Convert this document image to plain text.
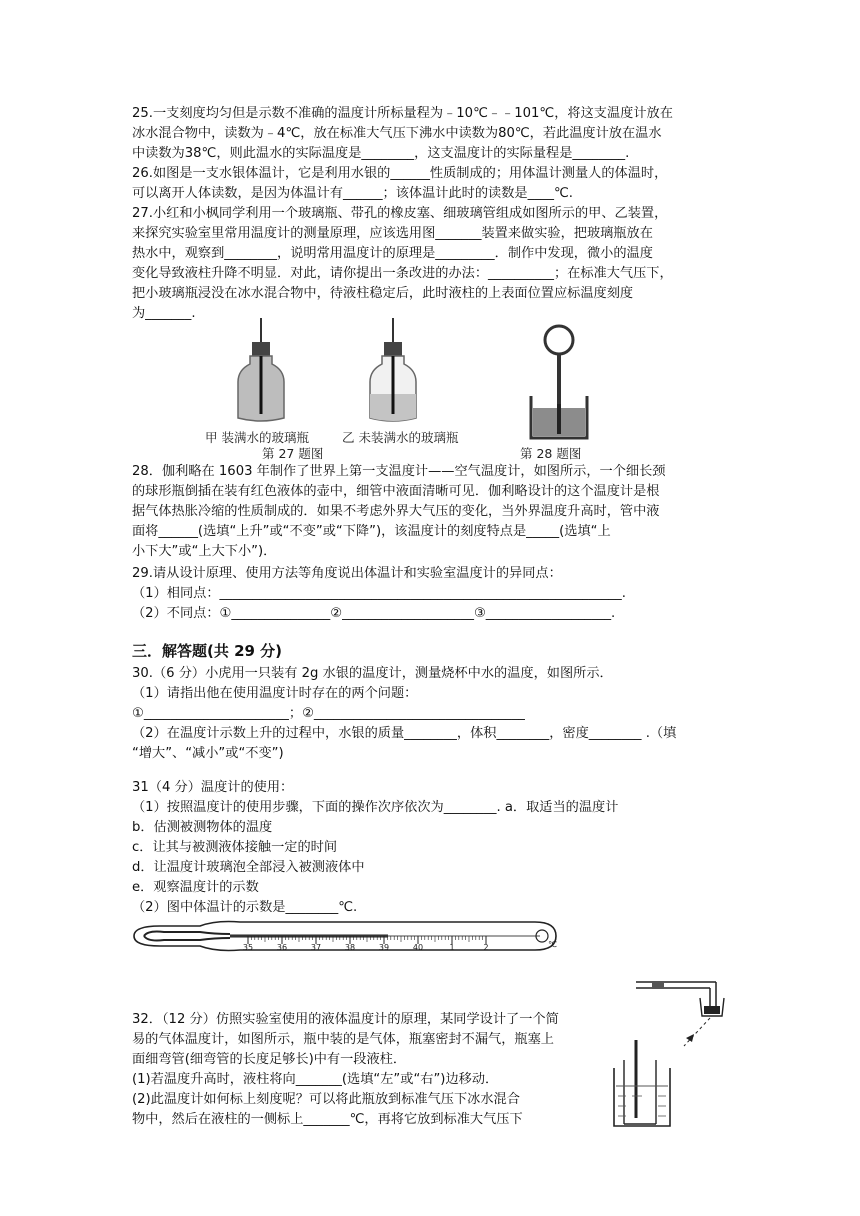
25.一支刻度均匀但是示数不准确的温度计所标量程为﹣10℃﹣﹣101℃，将这支温度计放在
冰水混合物中，读数为﹣4℃，放在标准大气压下沸水中读数为80℃，若此温度计放在温水
中读数为38℃，则此温水的实际温度是________，这支温度计的实际量程是________.
26.如图是一支水银体温计，它是利用水银的______性质制成的；用体温计测量人的体温时，
可以离开人体读数，是因为体温计有______；该体温计此时的读数是____℃.
27.小红和小枫同学利用一个玻璃瓶、带孔的橡皮塞、细玻璃管组成如图所示的甲、乙装置，
来探究实验室里常用温度计的测量原理，应该选用图_______装置来做实验，把玻璃瓶放在
热水中，观察到________，说明常用温度计的原理是_________．制作中发现，微小的温度
变化导致液柱升降不明显．对此，请你提出一条改进的办法：__________；在标准大气压下，
把小玻璃瓶浸没在冰水混合物中，待液柱稳定后，此时液柱的上表面位置应标温度刻度
为_______.
甲 装满水的玻璃瓶	乙 未装满水的玻璃瓶
第 27 题图	第 28 题图
28．伽利略在 1603 年制作了世界上第一支温度计——空气温度计，如图所示，一个细长颈
的球形瓶倒插在装有红色液体的壶中，细管中液面清晰可见．伽利略设计的这个温度计是根
据气体热胀冷缩的性质制成的．如果不考虑外界大气压的变化，当外界温度升高时，管中液
面将______(选填“上升”或“不变”或“下降”)，该温度计的刻度特点是_____(选填“上
小下大”或“上大下小”)．
29.请从设计原理、使用方法等角度说出体温计和实验室温度计的异同点：
（1）相同点：_____________________________________________________________.
（2）不同点：①_______________②____________________③___________________.
三．解答题(共 29 分)
30.（6 分）小虎用一只装有 2g 水银的温度计，测量烧杯中水的温度，如图所示．
（1）请指出他在使用温度计时存在的两个问题：
①______________________；②________________________________
（2）在温度计示数上升的过程中，水银的质量________，体积________，密度________ .（填
“增大”、“减小”或“不变”)
31（4 分）温度计的使用：
（1）按照温度计的使用步骤，下面的操作次序依次为________. a．取适当的温度计
b．估测被测物体的温度
c．让其与被测液体接触一定的时间
d．让温度计玻璃泡全部浸入被测液体中
e．观察温度计的示数
（2）图中体温计的示数是________℃.
35	36	37	38	39	40	1	2	℃
32．（12 分）仿照实验室使用的液体温度计的原理，某同学设计了一个简
易的气体温度计，如图所示，瓶中装的是气体，瓶塞密封不漏气，瓶塞上
面细弯管(细弯管的长度足够长)中有一段液柱．
(1)若温度升高时，液柱将向_______(选填“左”或“右”)边移动．
(2)此温度计如何标上刻度呢？可以将此瓶放到标准气压下冰水混合
物中，然后在液柱的一侧标上_______℃，再将它放到标准大气压下
